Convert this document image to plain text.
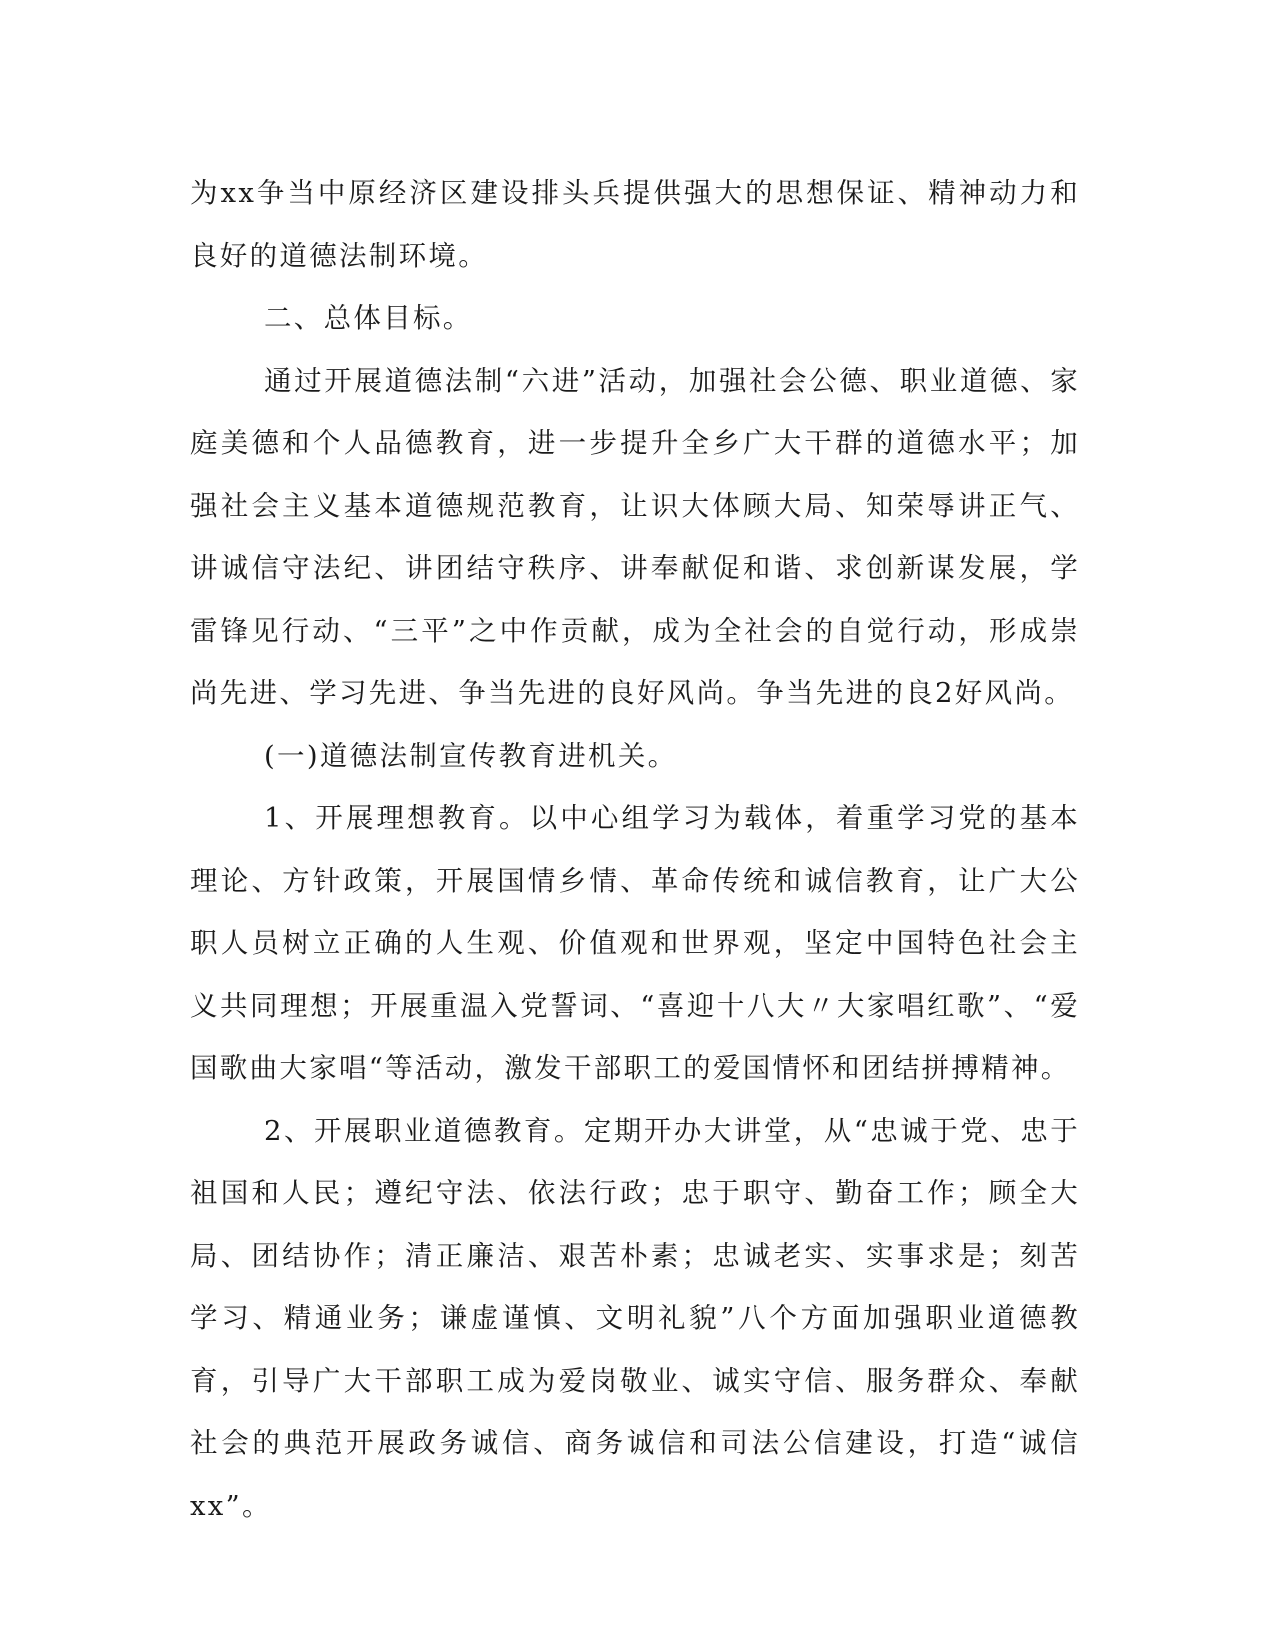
为xx争当中原经济区建设排头兵提供强大的思想保证、精神动力和良好的道德法制环境。

二、总体目标。

通过开展道德法制“六进”活动，加强社会公德、职业道德、家庭美德和个人品德教育，进一步提升全乡广大干群的道德水平；加强社会主义基本道德规范教育，让识大体顾大局、知荣辱讲正气、讲诚信守法纪、讲团结守秩序、讲奉献促和谐、求创新谋发展，学雷锋见行动、“三平”之中作贡献，成为全社会的自觉行动，形成崇尚先进、学习先进、争当先进的良好风尚。争当先进的良2好风尚。

(一)道德法制宣传教育进机关。

1、开展理想教育。以中心组学习为载体，着重学习党的基本理论、方针政策，开展国情乡情、革命传统和诚信教育，让广大公职人员树立正确的人生观、价值观和世界观，坚定中国特色社会主义共同理想；开展重温入党誓词、“喜迎十八大〃大家唱红歌”、“爱国歌曲大家唱“等活动，激发干部职工的爱国情怀和团结拼搏精神。

2、开展职业道德教育。定期开办大讲堂，从“忠诚于党、忠于祖国和人民；遵纪守法、依法行政；忠于职守、勤奋工作；顾全大局、团结协作；清正廉洁、艰苦朴素；忠诚老实、实事求是；刻苦学习、精通业务；谦虚谨慎、文明礼貌”八个方面加强职业道德教育，引导广大干部职工成为爱岗敬业、诚实守信、服务群众、奉献社会的典范开展政务诚信、商务诚信和司法公信建设，打造“诚信xx”。
